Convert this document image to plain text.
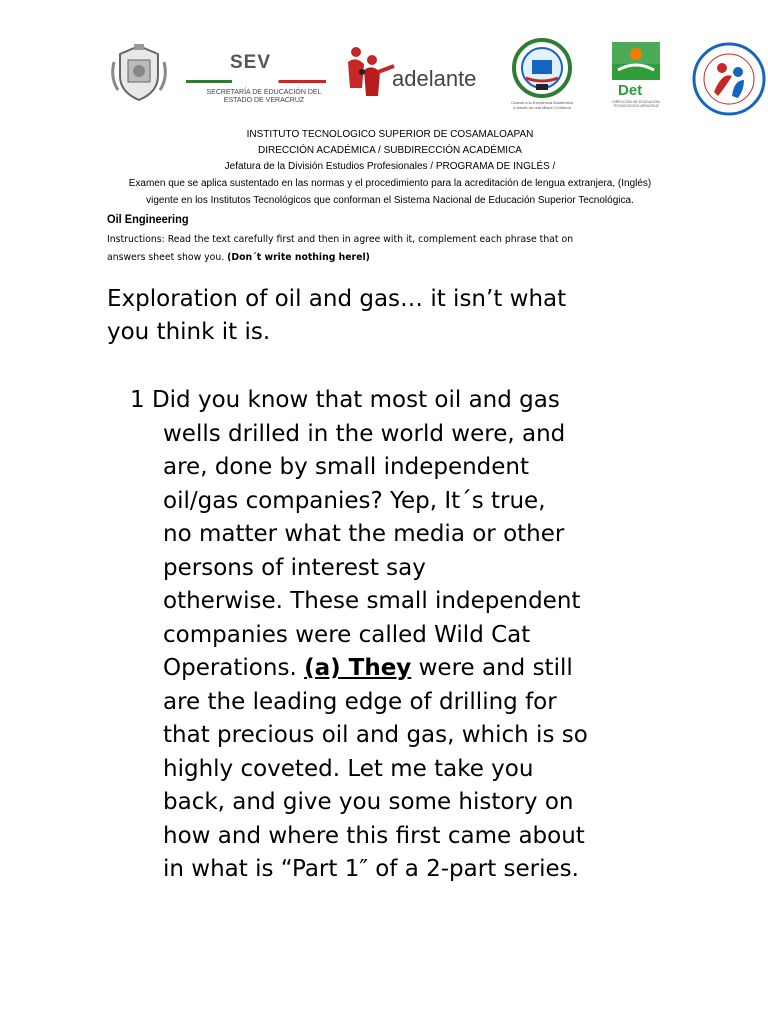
SEV
SECRETARÍA DE EDUCACIÓN DEL ESTADO DE VERACRUZ
adelante
Cuanto a la Excelencia Académica a través de una Misión Continua
Det
DIRECCIÓN DE EDUCACIÓN TECNOLÓGICA VERACRUZ
INSTITUTO TECNOLOGICO SUPERIOR DE COSAMALOAPAN
DIRECCIÓN ACADÉMICA / SUBDIRECCIÓN ACADÉMICA
Jefatura de la División Estudios Profesionales / PROGRAMA DE INGLÉS /
Examen que se aplica sustentado en las normas y el procedimiento para la acreditación de lengua extranjera, (Inglés)
vigente en los Institutos Tecnológicos que conforman el Sistema Nacional de Educación Superior Tecnológica.
Oil Engineering
Instructions: Read the text carefully first and then in agree with it, complement each phrase that on
answers sheet show you. (Don´t write nothing herel)
Exploration of oil and gas… it isn’t what
you think it is.
1 Did you know that most oil and gas
wells drilled in the world were, and
are, done by small independent
oil/gas companies? Yep, It´s true,
no matter what the media or other
persons of interest say
otherwise. These small independent
companies were called Wild Cat
Operations. (a) They were and still
are the leading edge of drilling for
that precious oil and gas, which is so
highly coveted. Let me take you
back, and give you some history on
how and where this first came about
in what is “Part 1″ of a 2-part series.
